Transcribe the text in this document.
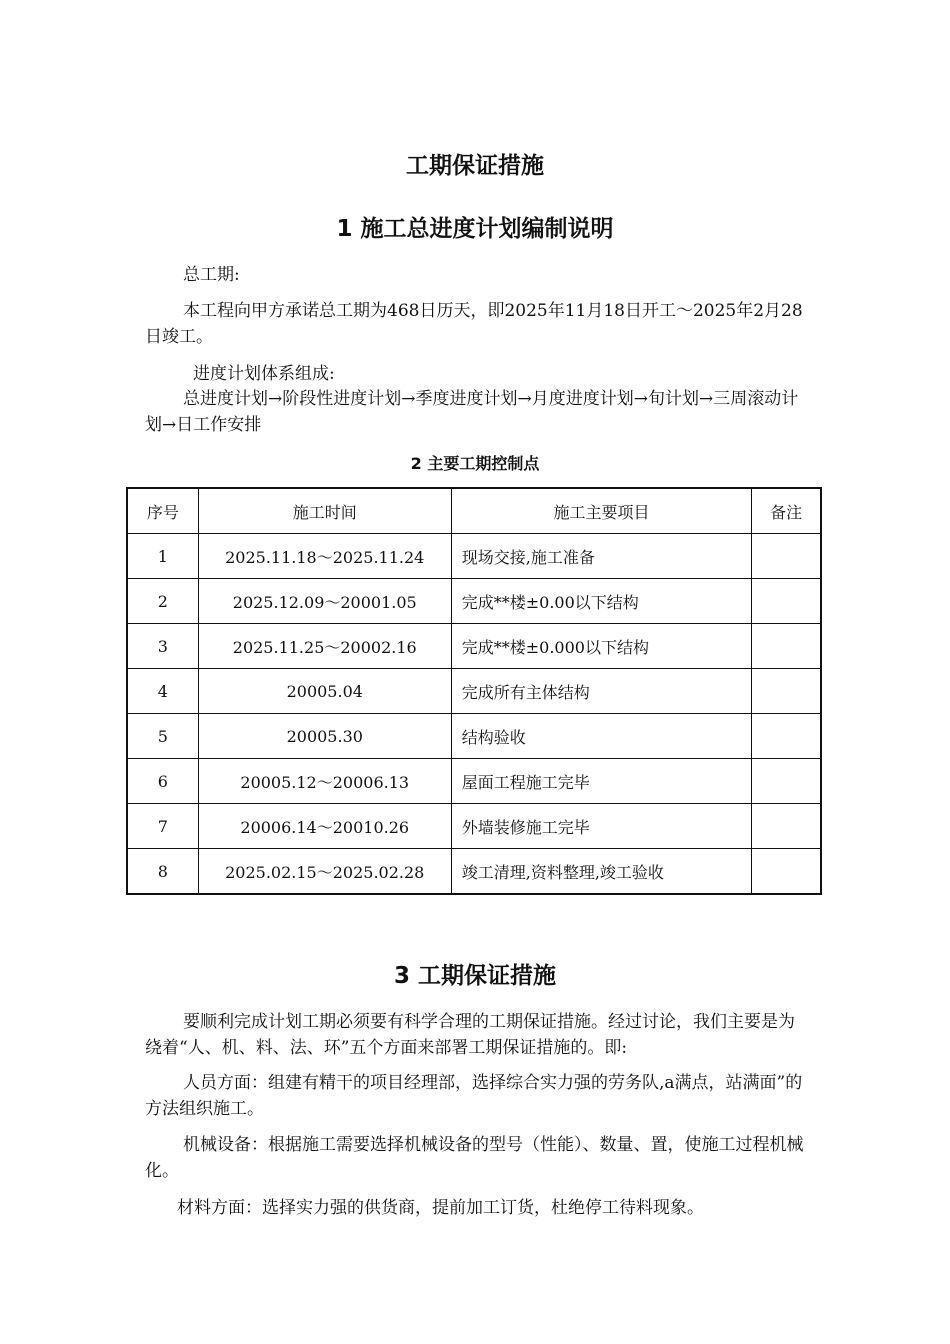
工期保证措施
1 施工总进度计划编制说明
总工期:
本工程向甲方承诺总工期为468日历天，即2025年11月18日开工～2025年2月28日竣工。
进度计划体系组成:
总进度计划→阶段性进度计划→季度进度计划→月度进度计划→旬计划→三周滚动计划→日工作安排
2 主要工期控制点
序号	施工时间	施工主要项目	备注
1	2025.11.18～2025.11.24	现场交接,施工准备	
2	2025.12.09～20001.05	完成**楼±0.00以下结构	
3	2025.11.25～20002.16	完成**楼±0.000以下结构	
4	20005.04	完成所有主体结构	
5	20005.30	结构验收	
6	20005.12～20006.13	屋面工程施工完毕	
7	20006.14～20010.26	外墙装修施工完毕	
8	2025.02.15～2025.02.28	竣工清理,资料整理,竣工验收	
3 工期保证措施
要顺利完成计划工期必须要有科学合理的工期保证措施。经过讨论，我们主要是为绕着“人、机、料、法、环”五个方面来部署工期保证措施的。即:
人员方面：组建有精干的项目经理部，选择综合实力强的劳务队,a满点，站满面”的方法组织施工。
机械设备：根据施工需要选择机械设备的型号（性能）、数量、置，使施工过程机械化。
材料方面：选择实力强的供货商，提前加工订货，杜绝停工待料现象。
